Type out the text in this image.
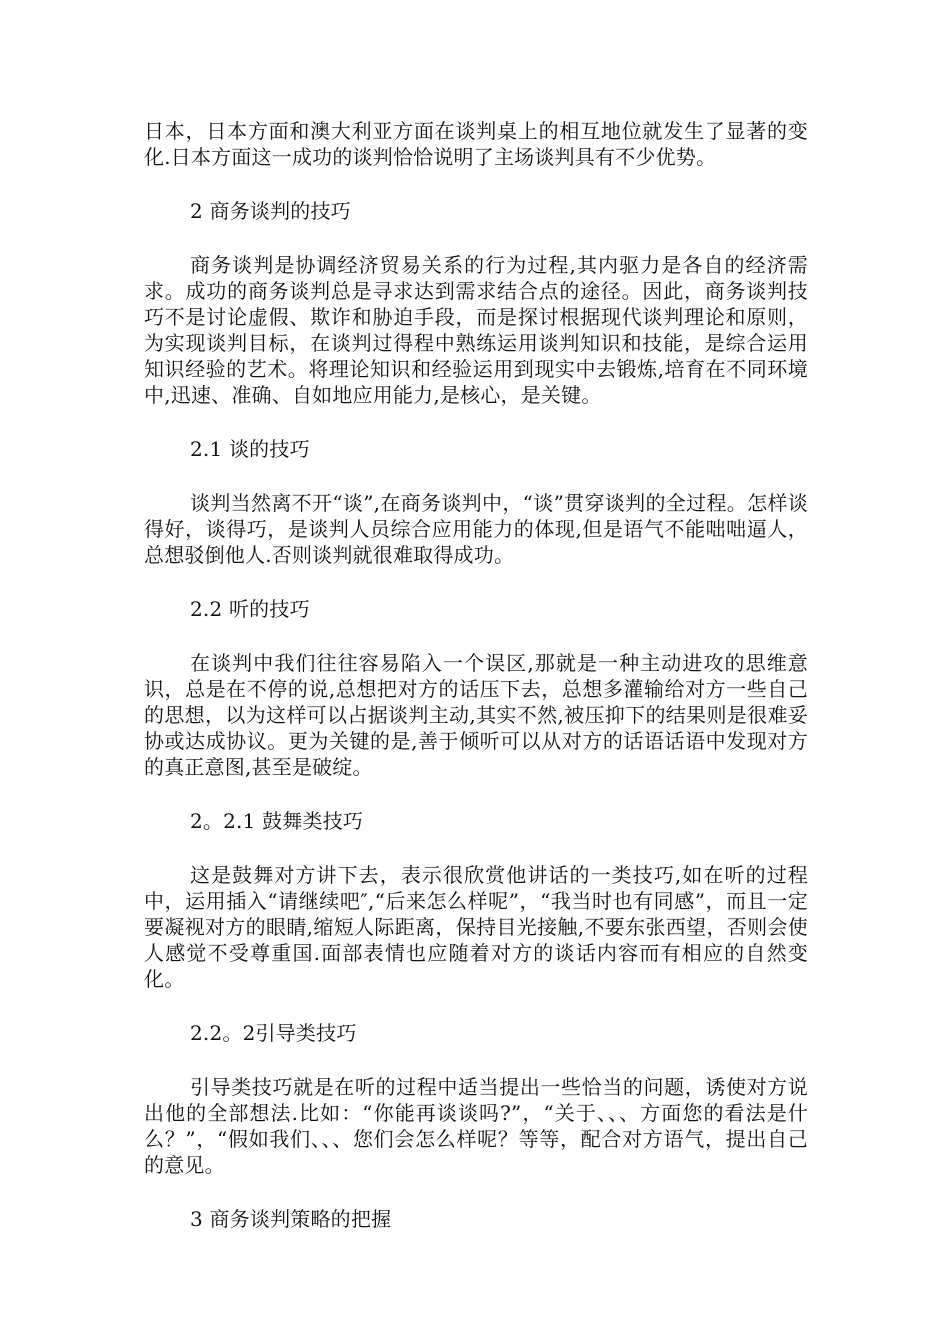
日本，日本方面和澳大利亚方面在谈判桌上的相互地位就发生了显著的变化.日本方面这一成功的谈判恰恰说明了主场谈判具有不少优势。

2 商务谈判的技巧

商务谈判是协调经济贸易关系的行为过程,其内驱力是各自的经济需求。成功的商务谈判总是寻求达到需求结合点的途径。因此，商务谈判技巧不是讨论虚假、欺诈和胁迫手段，而是探讨根据现代谈判理论和原则，为实现谈判目标，在谈判过得程中熟练运用谈判知识和技能，是综合运用知识经验的艺术。将理论知识和经验运用到现实中去锻炼,培育在不同环境中,迅速、准确、自如地应用能力,是核心，是关键。

2.1 谈的技巧

谈判当然离不开“谈”,在商务谈判中，“谈”贯穿谈判的全过程。怎样谈得好，谈得巧，是谈判人员综合应用能力的体现,但是语气不能咄咄逼人，总想驳倒他人.否则谈判就很难取得成功。

2.2 听的技巧

在谈判中我们往往容易陷入一个误区,那就是一种主动进攻的思维意识，总是在不停的说,总想把对方的话压下去，总想多灌输给对方一些自己的思想，以为这样可以占据谈判主动,其实不然,被压抑下的结果则是很难妥协或达成协议。更为关键的是,善于倾听可以从对方的话语话语中发现对方的真正意图,甚至是破绽。

2。2.1 鼓舞类技巧

这是鼓舞对方讲下去，表示很欣赏他讲话的一类技巧,如在听的过程中，运用插入“请继续吧″,“后来怎么样呢”，“我当时也有同感”，而且一定要凝视对方的眼睛,缩短人际距离，保持目光接触,不要东张西望，否则会使人感觉不受尊重国.面部表情也应随着对方的谈话内容而有相应的自然变化。

2.2。2引导类技巧

引导类技巧就是在听的过程中适当提出一些恰当的问题，诱使对方说出他的全部想法.比如：“你能再谈谈吗?”，“关于、、、方面您的看法是什么？”，“假如我们、、、您们会怎么样呢？等等，配合对方语气，提出自己的意见。

3 商务谈判策略的把握
